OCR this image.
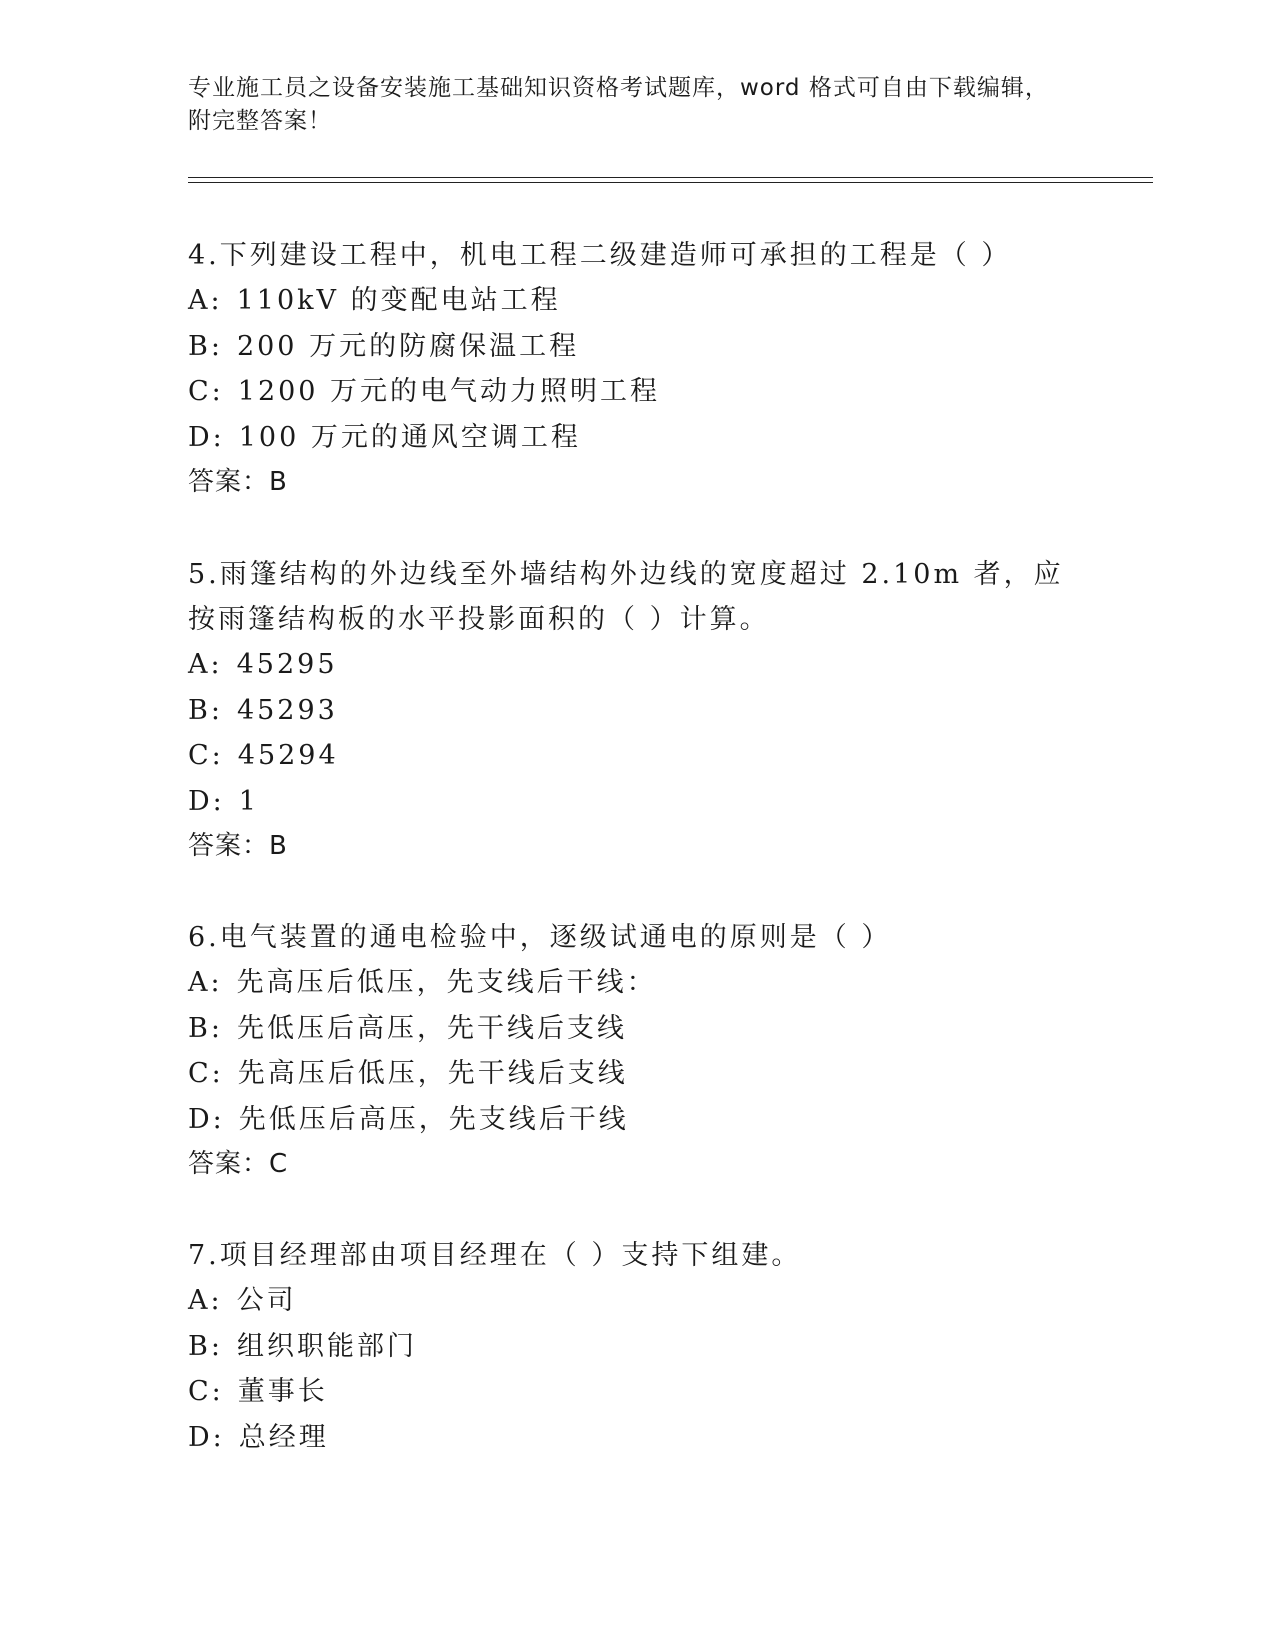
专业施工员之设备安装施工基础知识资格考试题库，word 格式可自由下载编辑，
附完整答案！

4.下列建设工程中，机电工程二级建造师可承担的工程是（ ）

A: 110kV 的变配电站工程

B: 200 万元的防腐保温工程

C: 1200 万元的电气动力照明工程

D: 100 万元的通风空调工程

答案：B

5.雨篷结构的外边线至外墙结构外边线的宽度超过 2.10m 者，应按雨篷结构板的水平投影面积的（ ）计算。

A: 45295

B: 45293

C: 45294

D: 1

答案：B

6.电气装置的通电检验中，逐级试通电的原则是（ ）

A: 先高压后低压，先支线后干线：

B: 先低压后高压，先干线后支线

C: 先高压后低压，先干线后支线

D: 先低压后高压，先支线后干线

答案：C

7.项目经理部由项目经理在（ ）支持下组建。

A: 公司

B: 组织职能部门

C: 董事长

D: 总经理
